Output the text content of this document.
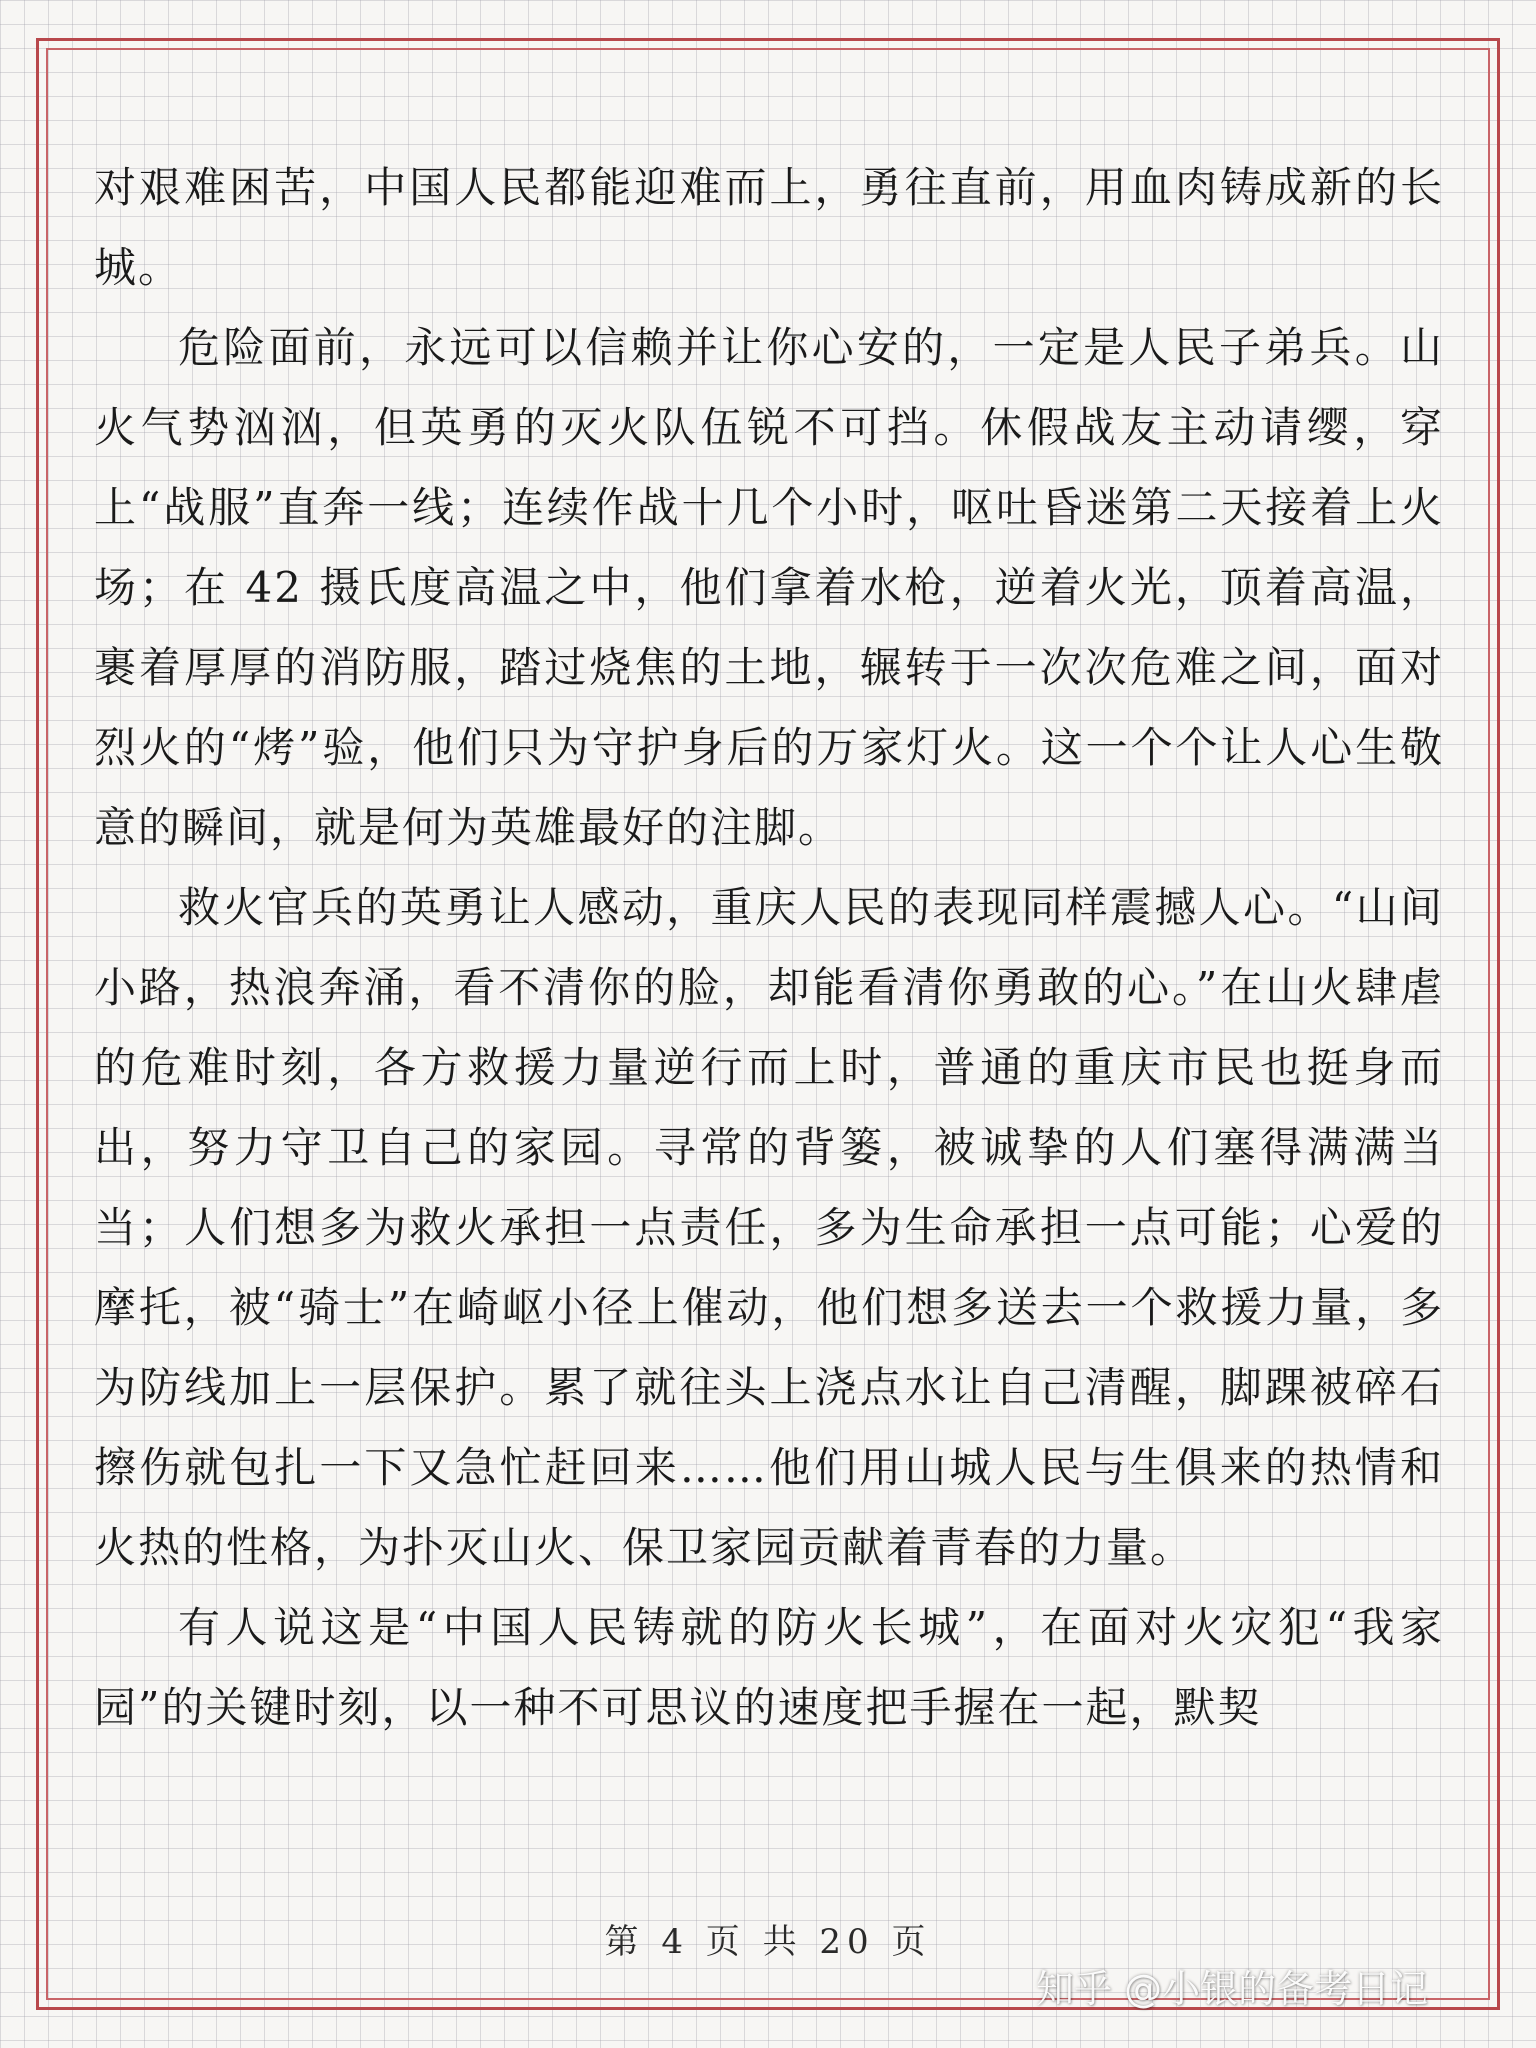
对艰难困苦，中国人民都能迎难而上，勇往直前，用血肉铸成新的长城。

危险面前，永远可以信赖并让你心安的，一定是人民子弟兵。山火气势汹汹，但英勇的灭火队伍锐不可挡。休假战友主动请缨，穿上“战服”直奔一线；连续作战十几个小时，呕吐昏迷第二天接着上火场；在 42 摄氏度高温之中，他们拿着水枪，逆着火光，顶着高温，裹着厚厚的消防服，踏过烧焦的土地，辗转于一次次危难之间，面对烈火的“烤”验，他们只为守护身后的万家灯火。这一个个让人心生敬意的瞬间，就是何为英雄最好的注脚。

救火官兵的英勇让人感动，重庆人民的表现同样震撼人心。“山间小路，热浪奔涌，看不清你的脸，却能看清你勇敢的心。”在山火肆虐的危难时刻，各方救援力量逆行而上时，普通的重庆市民也挺身而出，努力守卫自己的家园。寻常的背篓，被诚挚的人们塞得满满当当；人们想多为救火承担一点责任，多为生命承担一点可能；心爱的摩托，被“骑士”在崎岖小径上催动，他们想多送去一个救援力量，多为防线加上一层保护。累了就往头上浇点水让自己清醒，脚踝被碎石擦伤就包扎一下又急忙赶回来……他们用山城人民与生俱来的热情和火热的性格，为扑灭山火、保卫家园贡献着青春的力量。

有人说这是“中国人民铸就的防火长城”，在面对火灾犯“我家园”的关键时刻，以一种不可思议的速度把手握在一起，默契

第 4 页 共 20 页
知乎 @小银的备考日记
